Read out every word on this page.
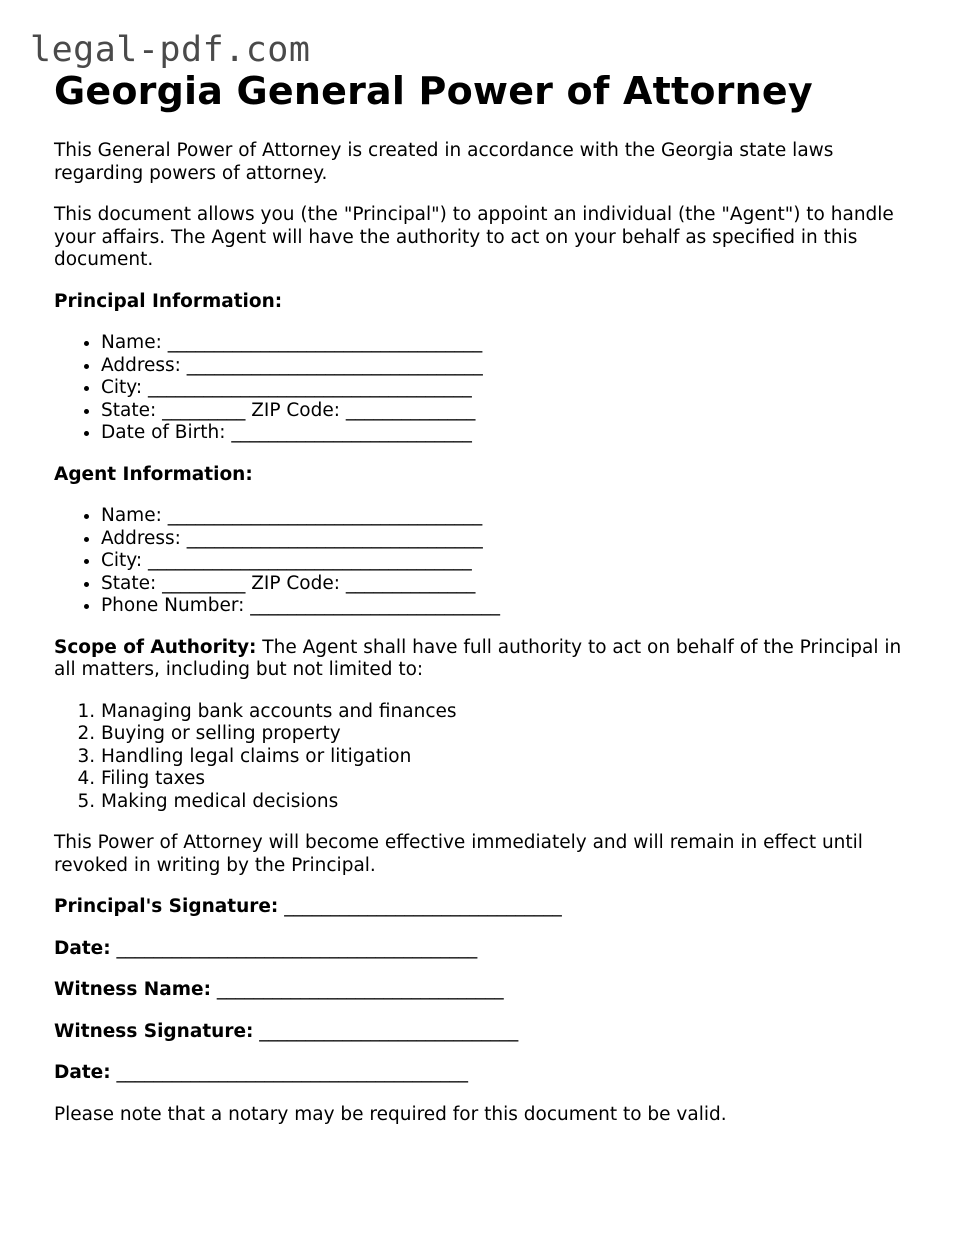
legal-pdf.com
Georgia General Power of Attorney

This General Power of Attorney is created in accordance with the Georgia state laws regarding powers of attorney.

This document allows you (the "Principal") to appoint an individual (the "Agent") to handle your affairs. The Agent will have the authority to act on your behalf as specified in this document.

Principal Information:

• Name: __________________________________
• Address: ________________________________
• City: ___________________________________
• State: _________ ZIP Code: ______________
• Date of Birth: __________________________

Agent Information:

• Name: __________________________________
• Address: ________________________________
• City: ___________________________________
• State: _________ ZIP Code: ______________
• Phone Number: ___________________________

Scope of Authority: The Agent shall have full authority to act on behalf of the Principal in all matters, including but not limited to:

1. Managing bank accounts and finances
2. Buying or selling property
3. Handling legal claims or litigation
4. Filing taxes
5. Making medical decisions

This Power of Attorney will become effective immediately and will remain in effect until revoked in writing by the Principal.

Principal's Signature: ______________________________

Date: _______________________________________

Witness Name: _______________________________

Witness Signature: ____________________________

Date: ______________________________________

Please note that a notary may be required for this document to be valid.
